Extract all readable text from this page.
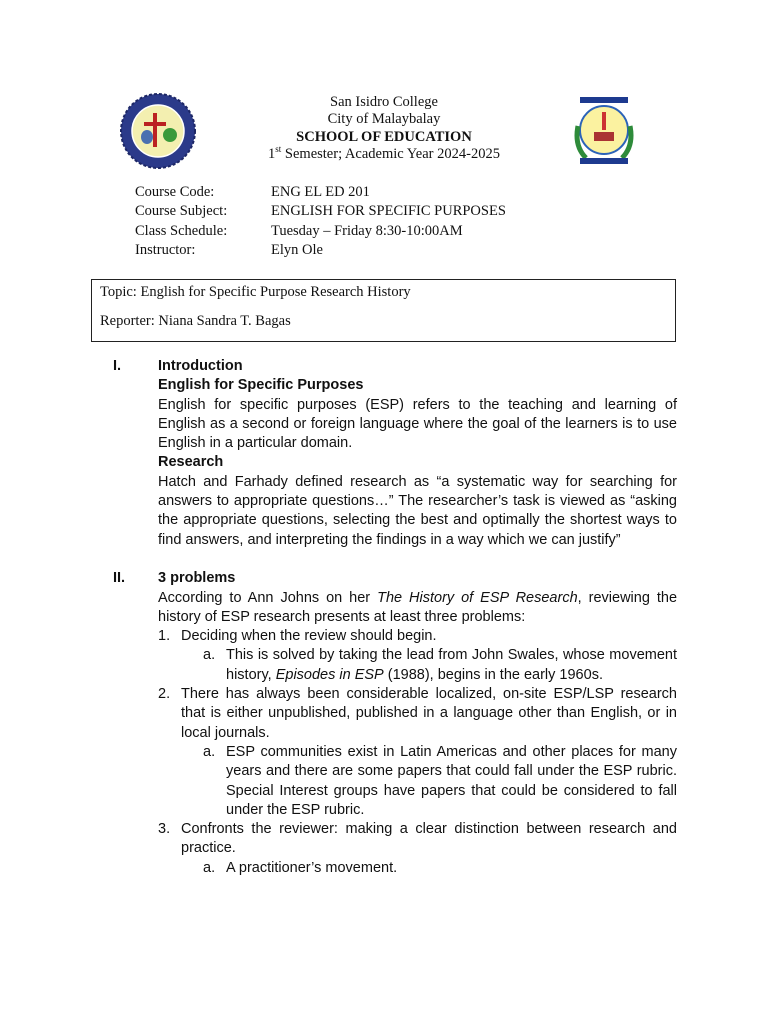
San Isidro College
City of Malaybalay
SCHOOL OF EDUCATION
1st Semester; Academic Year 2024-2025
Course Code:	ENG EL ED 201
Course Subject:	ENGLISH FOR SPECIFIC PURPOSES
Class Schedule:	Tuesday – Friday 8:30-10:00AM
Instructor:	Elyn Ole
Topic: English for Specific Purpose Research History
Reporter: Niana Sandra T. Bagas
I.	Introduction
English for Specific Purposes
English for specific purposes (ESP) refers to the teaching and learning of English as a second or foreign language where the goal of the learners is to use English in a particular domain.
Research
Hatch and Farhady defined research as “a systematic way for searching for answers to appropriate questions…” The researcher’s task is viewed as “asking the appropriate questions, selecting the best and optimally the shortest ways to find answers, and interpreting the findings in a way which we can justify”
II. 3 problems
According to Ann Johns on her The History of ESP Research, reviewing the history of ESP research presents at least three problems:
1. Deciding when the review should begin.
a. This is solved by taking the lead from John Swales, whose movement history, Episodes in ESP (1988), begins in the early 1960s.
2. There has always been considerable localized, on-site ESP/LSP research that is either unpublished, published in a language other than English, or in local journals.
a. ESP communities exist in Latin Americas and other places for many years and there are some papers that could fall under the ESP rubric. Special Interest groups have papers that could be considered to fall under the ESP rubric.
3. Confronts the reviewer: making a clear distinction between research and practice.
a. A practitioner’s movement.
